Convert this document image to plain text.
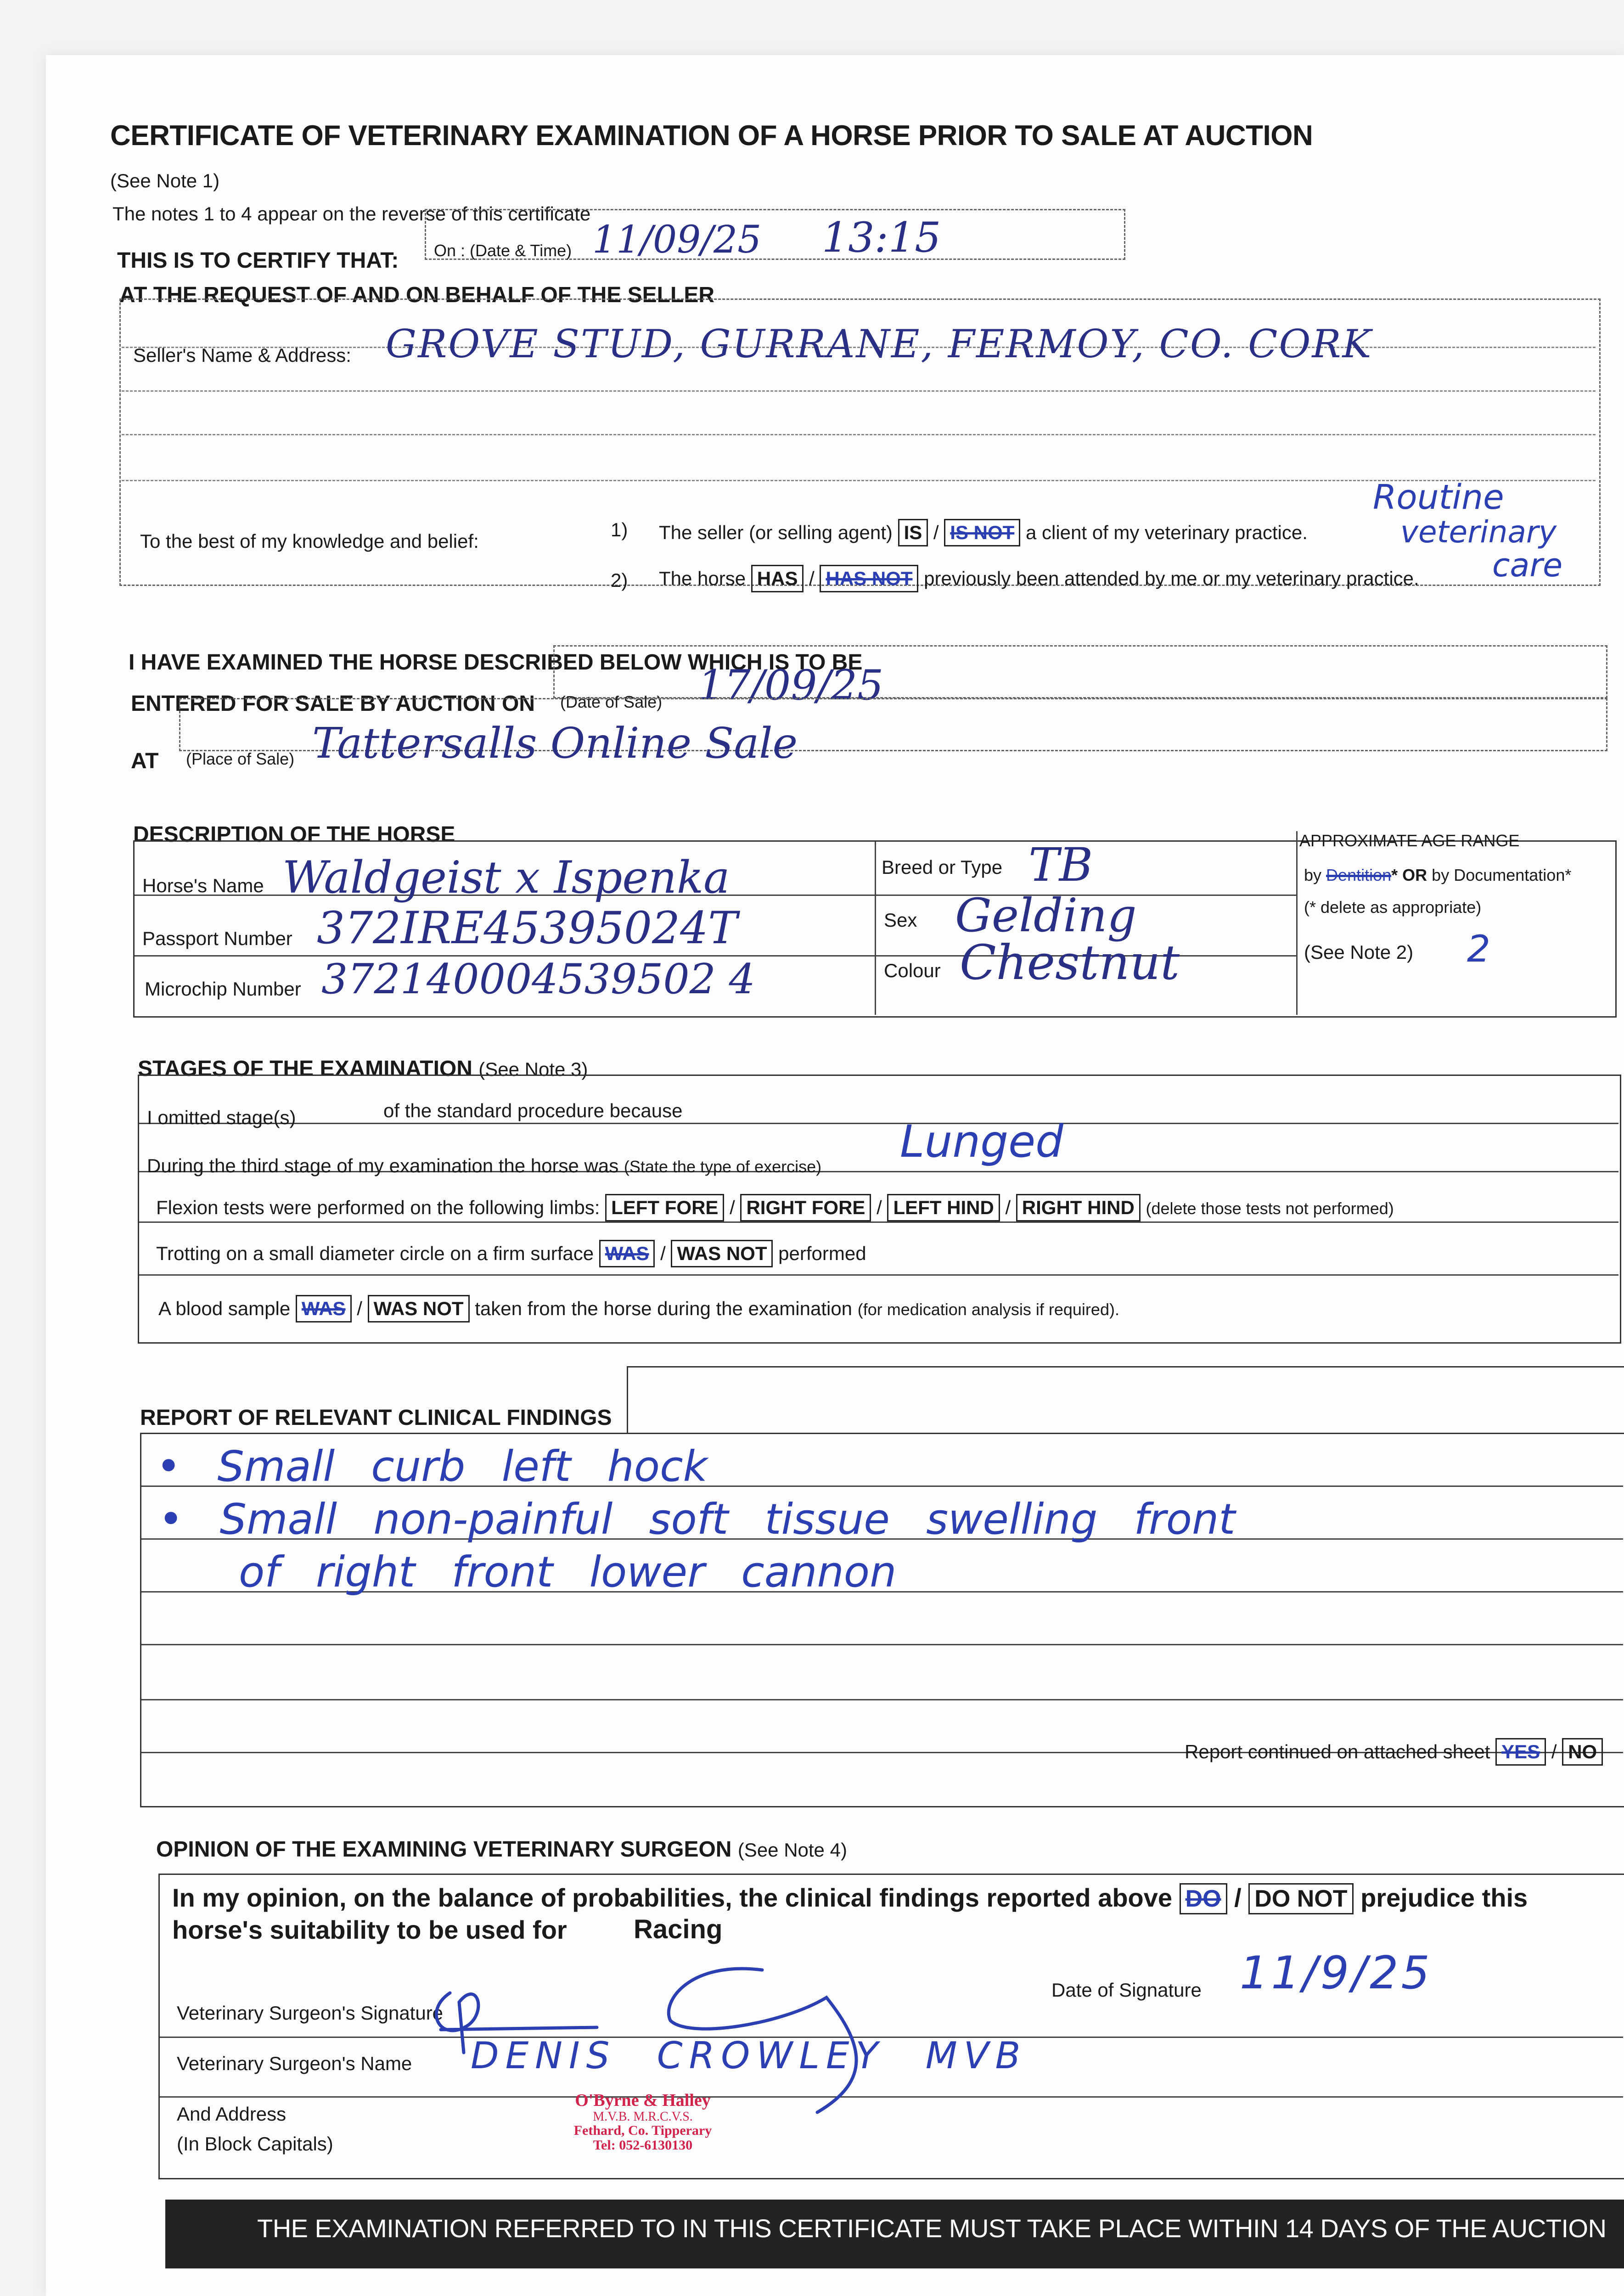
CERTIFICATE OF VETERINARY EXAMINATION OF A HORSE PRIOR TO SALE AT AUCTION
(See Note 1)
The notes 1 to 4 appear on the reverse of this certificate
THIS IS TO CERTIFY THAT: On : (Date & Time) 11/09/25 13:15
AT THE REQUEST OF AND ON BEHALF OF THE SELLER
Seller's Name & Address: GROVE STUD, GURRANE, FERMOY, CO. CORK
To the best of my knowledge and belief:
1) The seller (or selling agent) IS / IS NOT a client of my veterinary practice.
2) The horse HAS / HAS NOT previously been attended by me or my veterinary practice.
Routine
veterinary
care
I HAVE EXAMINED THE HORSE DESCRIBED BELOW WHICH IS TO BE
ENTERED FOR SALE BY AUCTION ON (Date of Sale) 17/09/25
AT (Place of Sale) Tattersalls Online Sale
DESCRIPTION OF THE HORSE
Horse's Name Waldgeist x Ispenka
Passport Number 372IRE45395024T
Microchip Number 372140004539502 4
Breed or Type TB
Sex Gelding
Colour Chestnut
APPROXIMATE AGE RANGE
by Dentition* OR by Documentation*
(* delete as appropriate)
(See Note 2) 2
STAGES OF THE EXAMINATION (See Note 3)
I omitted stage(s)	of the standard procedure because
During the third stage of my examination the horse was (State the type of exercise) Lunged
Flexion tests were performed on the following limbs: LEFT FORE / RIGHT FORE / LEFT HIND / RIGHT HIND (delete those tests not performed)
Trotting on a small diameter circle on a firm surface WAS / WAS NOT performed
A blood sample WAS / WAS NOT taken from the horse during the examination (for medication analysis if required).
REPORT OF RELEVANT CLINICAL FINDINGS
• Small curb left hock
• Small non-painful soft tissue swelling front
of right front lower cannon
Report continued on attached sheet YES / NO
OPINION OF THE EXAMINING VETERINARY SURGEON (See Note 4)
In my opinion, on the balance of probabilities, the clinical findings reported above DO / DO NOT prejudice this
horse's suitability to be used for	Racing
Veterinary Surgeon's Signature
Date of Signature 11/9/25
Veterinary Surgeon's Name DENIS CROWLEY MVB
And Address
(In Block Capitals)
O'Byrne & Halley
M.V.B. M.R.C.V.S.
Fethard, Co. Tipperary
Tel: 052-6130130
THE EXAMINATION REFERRED TO IN THIS CERTIFICATE MUST TAKE PLACE WITHIN 14 DAYS OF THE AUCTION
